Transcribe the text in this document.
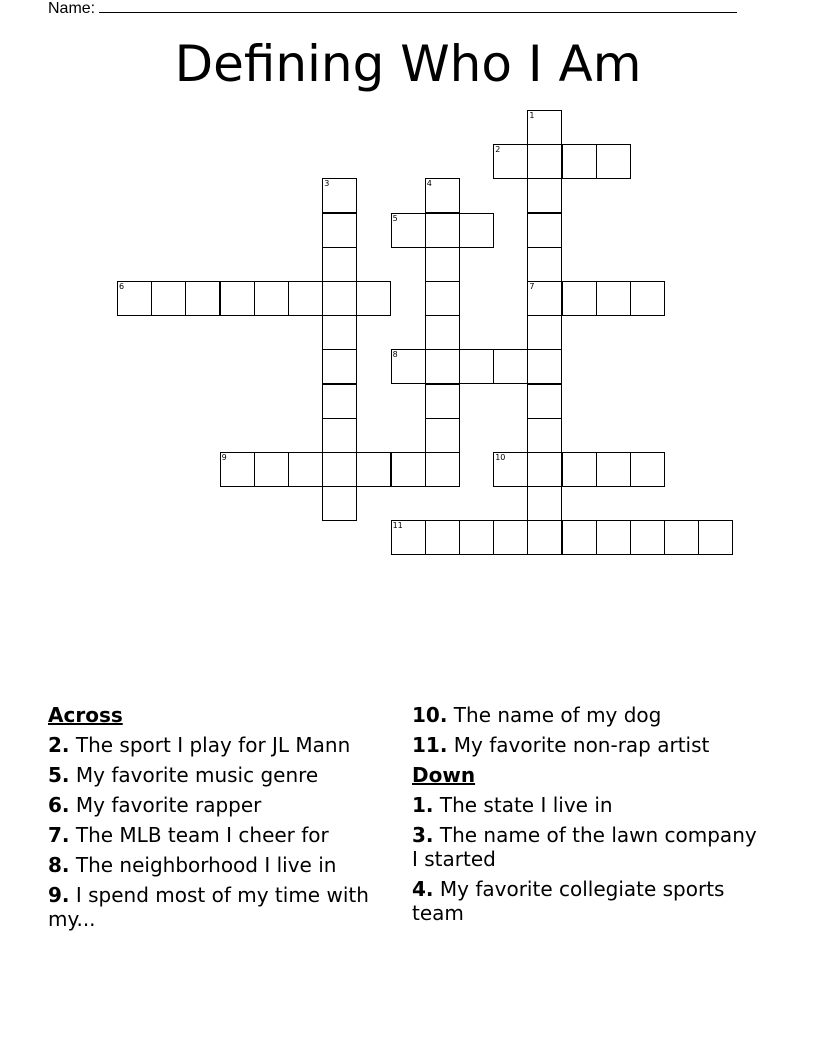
Name:
Defining Who I Am
1
2
3	4
5
6	7
8
9	10
11
Across
2. The sport I play for JL Mann
5. My favorite music genre
6. My favorite rapper
7. The MLB team I cheer for
8. The neighborhood I live in
9. I spend most of my time with my...
10. The name of my dog
11. My favorite non-rap artist
Down
1. The state I live in
3. The name of the lawn company I started
4. My favorite collegiate sports team
